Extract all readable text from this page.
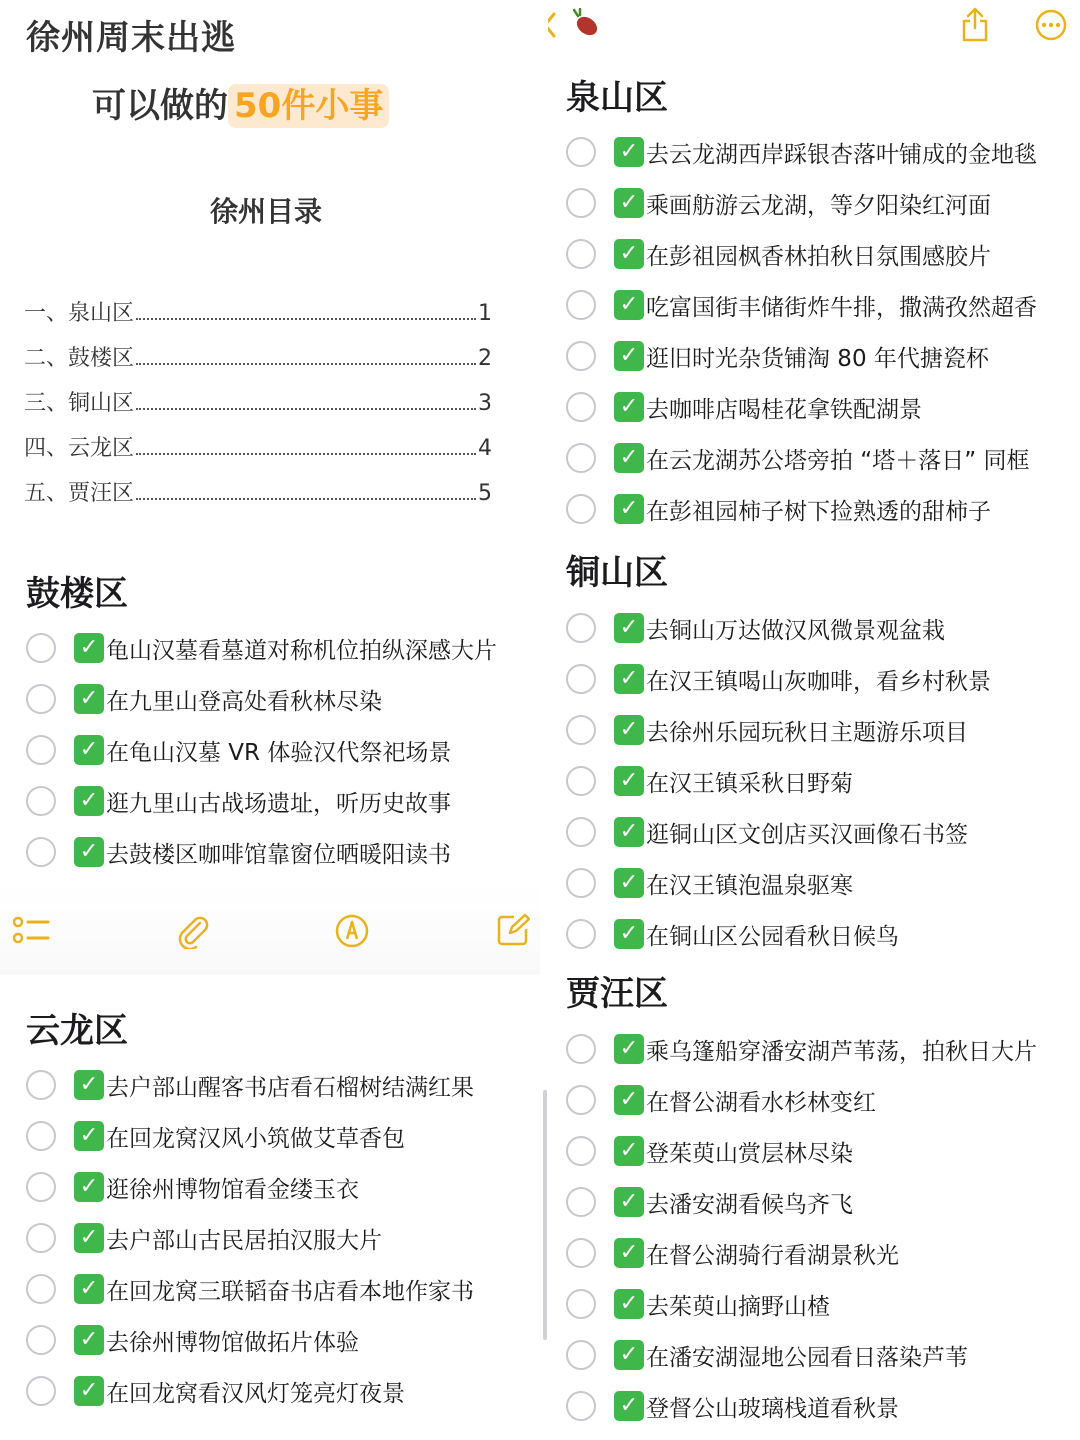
徐州周末出逃
可以做的 50件小事
徐州目录
一、泉山区	1
二、鼓楼区	2
三、铜山区	3
四、云龙区	4
五、贾汪区	5
鼓楼区
✓ 龟山汉墓看墓道对称机位拍纵深感大片
✓ 在九里山登高处看秋林尽染
✓ 在龟山汉墓 VR 体验汉代祭祀场景
✓ 逛九里山古战场遗址，听历史故事
✓ 去鼓楼区咖啡馆靠窗位晒暖阳读书
云龙区
✓ 去户部山醒客书店看石榴树结满红果
✓ 在回龙窝汉风小筑做艾草香包
✓ 逛徐州博物馆看金缕玉衣
✓ 去户部山古民居拍汉服大片
✓ 在回龙窝三联韬奋书店看本地作家书
✓ 去徐州博物馆做拓片体验
✓ 在回龙窝看汉风灯笼亮灯夜景
泉山区
✓ 去云龙湖西岸踩银杏落叶铺成的金地毯
✓ 乘画舫游云龙湖，等夕阳染红河面
✓ 在彭祖园枫香林拍秋日氛围感胶片
✓ 吃富国街丰储街炸牛排，撒满孜然超香
✓ 逛旧时光杂货铺淘 80 年代搪瓷杯
✓ 去咖啡店喝桂花拿铁配湖景
✓ 在云龙湖苏公塔旁拍 “塔＋落日” 同框
✓ 在彭祖园柿子树下捡熟透的甜柿子
铜山区
✓ 去铜山万达做汉风微景观盆栽
✓ 在汉王镇喝山灰咖啡，看乡村秋景
✓ 去徐州乐园玩秋日主题游乐项目
✓ 在汉王镇采秋日野菊
✓ 逛铜山区文创店买汉画像石书签
✓ 在汉王镇泡温泉驱寒
✓ 在铜山区公园看秋日候鸟
贾汪区
✓ 乘乌篷船穿潘安湖芦苇荡，拍秋日大片
✓ 在督公湖看水杉林变红
✓ 登茱萸山赏层林尽染
✓ 去潘安湖看候鸟齐飞
✓ 在督公湖骑行看湖景秋光
✓ 去茱萸山摘野山楂
✓ 在潘安湖湿地公园看日落染芦苇
✓ 登督公山玻璃栈道看秋景
